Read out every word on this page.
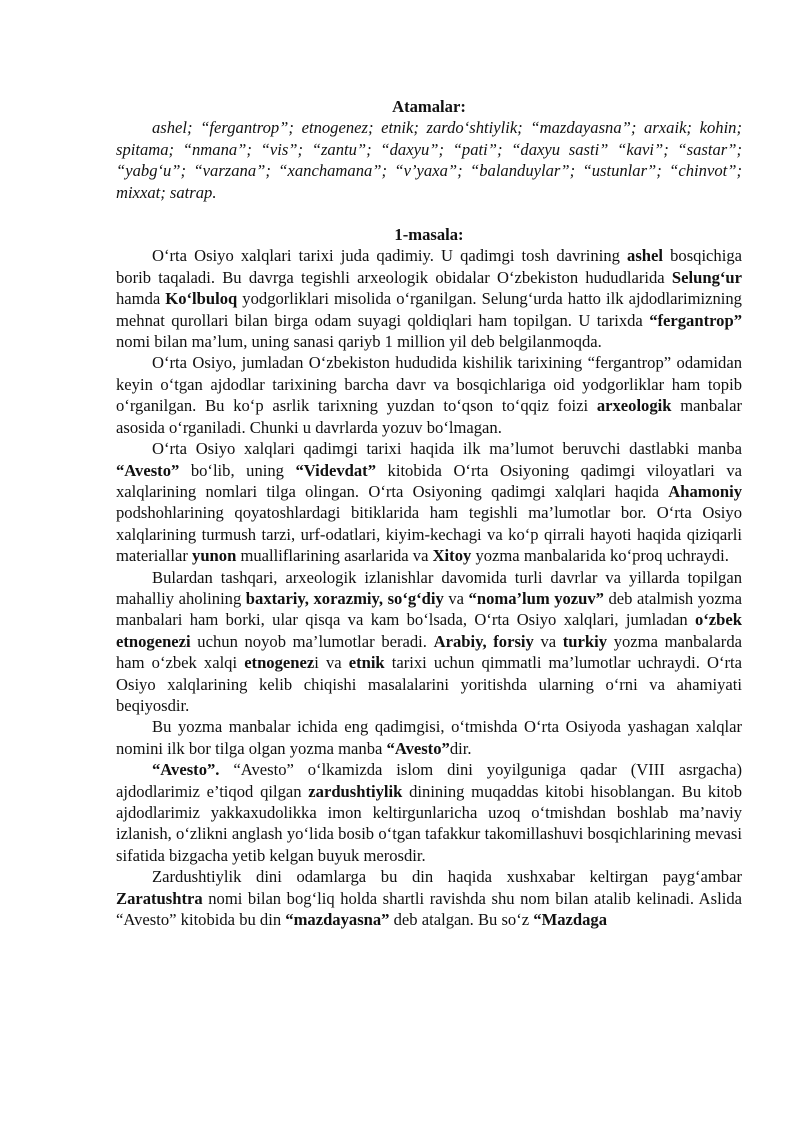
Atamalar:

ashel; “fergantrop”; etnogenez; etnik; zardo‘shtiylik; “mazdayasna”; arxaik; kohin; spitama; “nmana”; “vis”; “zantu”; “daxyu”; “pati”; “daxyu sasti” “kavi”; “sastar”; “yabg‘u”; “varzana”; “xanchamana”; “v’yaxa”; “balanduylar”; “ustunlar”; “chinvot”; mixxat; satrap.

1-masala:

O‘rta Osiyo xalqlari tarixi juda qadimiy. U qadimgi tosh davrining ashel bosqichiga borib taqaladi. Bu davrga tegishli arxeologik obidalar O‘zbekiston hududlarida Selung‘ur hamda Ko‘lbuloq yodgorliklari misolida o‘rganilgan. Selung‘urda hatto ilk ajdodlarimizning mehnat qurollari bilan birga odam suyagi qoldiqlari ham topilgan. U tarixda “fergantrop” nomi bilan ma’lum, uning sanasi qariyb 1 million yil deb belgilanmoqda.

O‘rta Osiyo, jumladan O‘zbekiston hududida kishilik tarixining “fergantrop” odamidan keyin o‘tgan ajdodlar tarixining barcha davr va bosqichlariga oid yodgorliklar ham topib o‘rganilgan. Bu ko‘p asrlik tarixning yuzdan to‘qson to‘qqiz foizi arxeologik manbalar asosida o‘rganiladi. Chunki u davrlarda yozuv bo‘lmagan.

O‘rta Osiyo xalqlari qadimgi tarixi haqida ilk ma’lumot beruvchi dastlabki manba “Avesto” bo‘lib, uning “Videvdat” kitobida O‘rta Osiyoning qadimgi viloyatlari va xalqlarining nomlari tilga olingan. O‘rta Osiyoning qadimgi xalqlari haqida Ahamoniy podshohlarining qoyatoshlardagi bitiklarida ham tegishli ma’lumotlar bor. O‘rta Osiyo xalqlarining turmush tarzi, urf-odatlari, kiyim-kechagi va ko‘p qirrali hayoti haqida qiziqarli materiallar yunon mualliflarining asarlarida va Xitoy yozma manbalarida ko‘proq uchraydi.

Bulardan tashqari, arxeologik izlanishlar davomida turli davrlar va yillarda topilgan mahalliy aholining baxtariy, xorazmiy, so‘g‘diy va “noma’lum yozuv” deb atalmish yozma manbalari ham borki, ular qisqa va kam bo‘lsada, O‘rta Osiyo xalqlari, jumladan o‘zbek etnogenezi uchun noyob ma’lumotlar beradi. Arabiy, forsiy va turkiy yozma manbalarda ham o‘zbek xalqi etnogenezi va etnik tarixi uchun qimmatli ma’lumotlar uchraydi. O‘rta Osiyo xalqlarining kelib chiqishi masalalarini yoritishda ularning o‘rni va ahamiyati beqiyosdir.

Bu yozma manbalar ichida eng qadimgisi, o‘tmishda O‘rta Osiyoda yashagan xalqlar nomini ilk bor tilga olgan yozma manba “Avesto”dir.

“Avesto”. “Avesto” o‘lkamizda islom dini yoyilguniga qadar (VIII asrgacha) ajdodlarimiz e’tiqod qilgan zardushtiylik dinining muqaddas kitobi hisoblangan. Bu kitob ajdodlarimiz yakkaxudolikka imon keltirgunlaricha uzoq o‘tmishdan boshlab ma’naviy izlanish, o‘zlikni anglash yo‘lida bosib o‘tgan tafakkur takomillashuvi bosqichlarining mevasi sifatida bizgacha yetib kelgan buyuk merosdir.

Zardushtiylik dini odamlarga bu din haqida xushxabar keltirgan payg‘ambar Zaratushtra nomi bilan bog‘liq holda shartli ravishda shu nom bilan atalib kelinadi. Aslida “Avesto” kitobida bu din “mazdayasna” deb atalgan. Bu so‘z “Mazdaga
